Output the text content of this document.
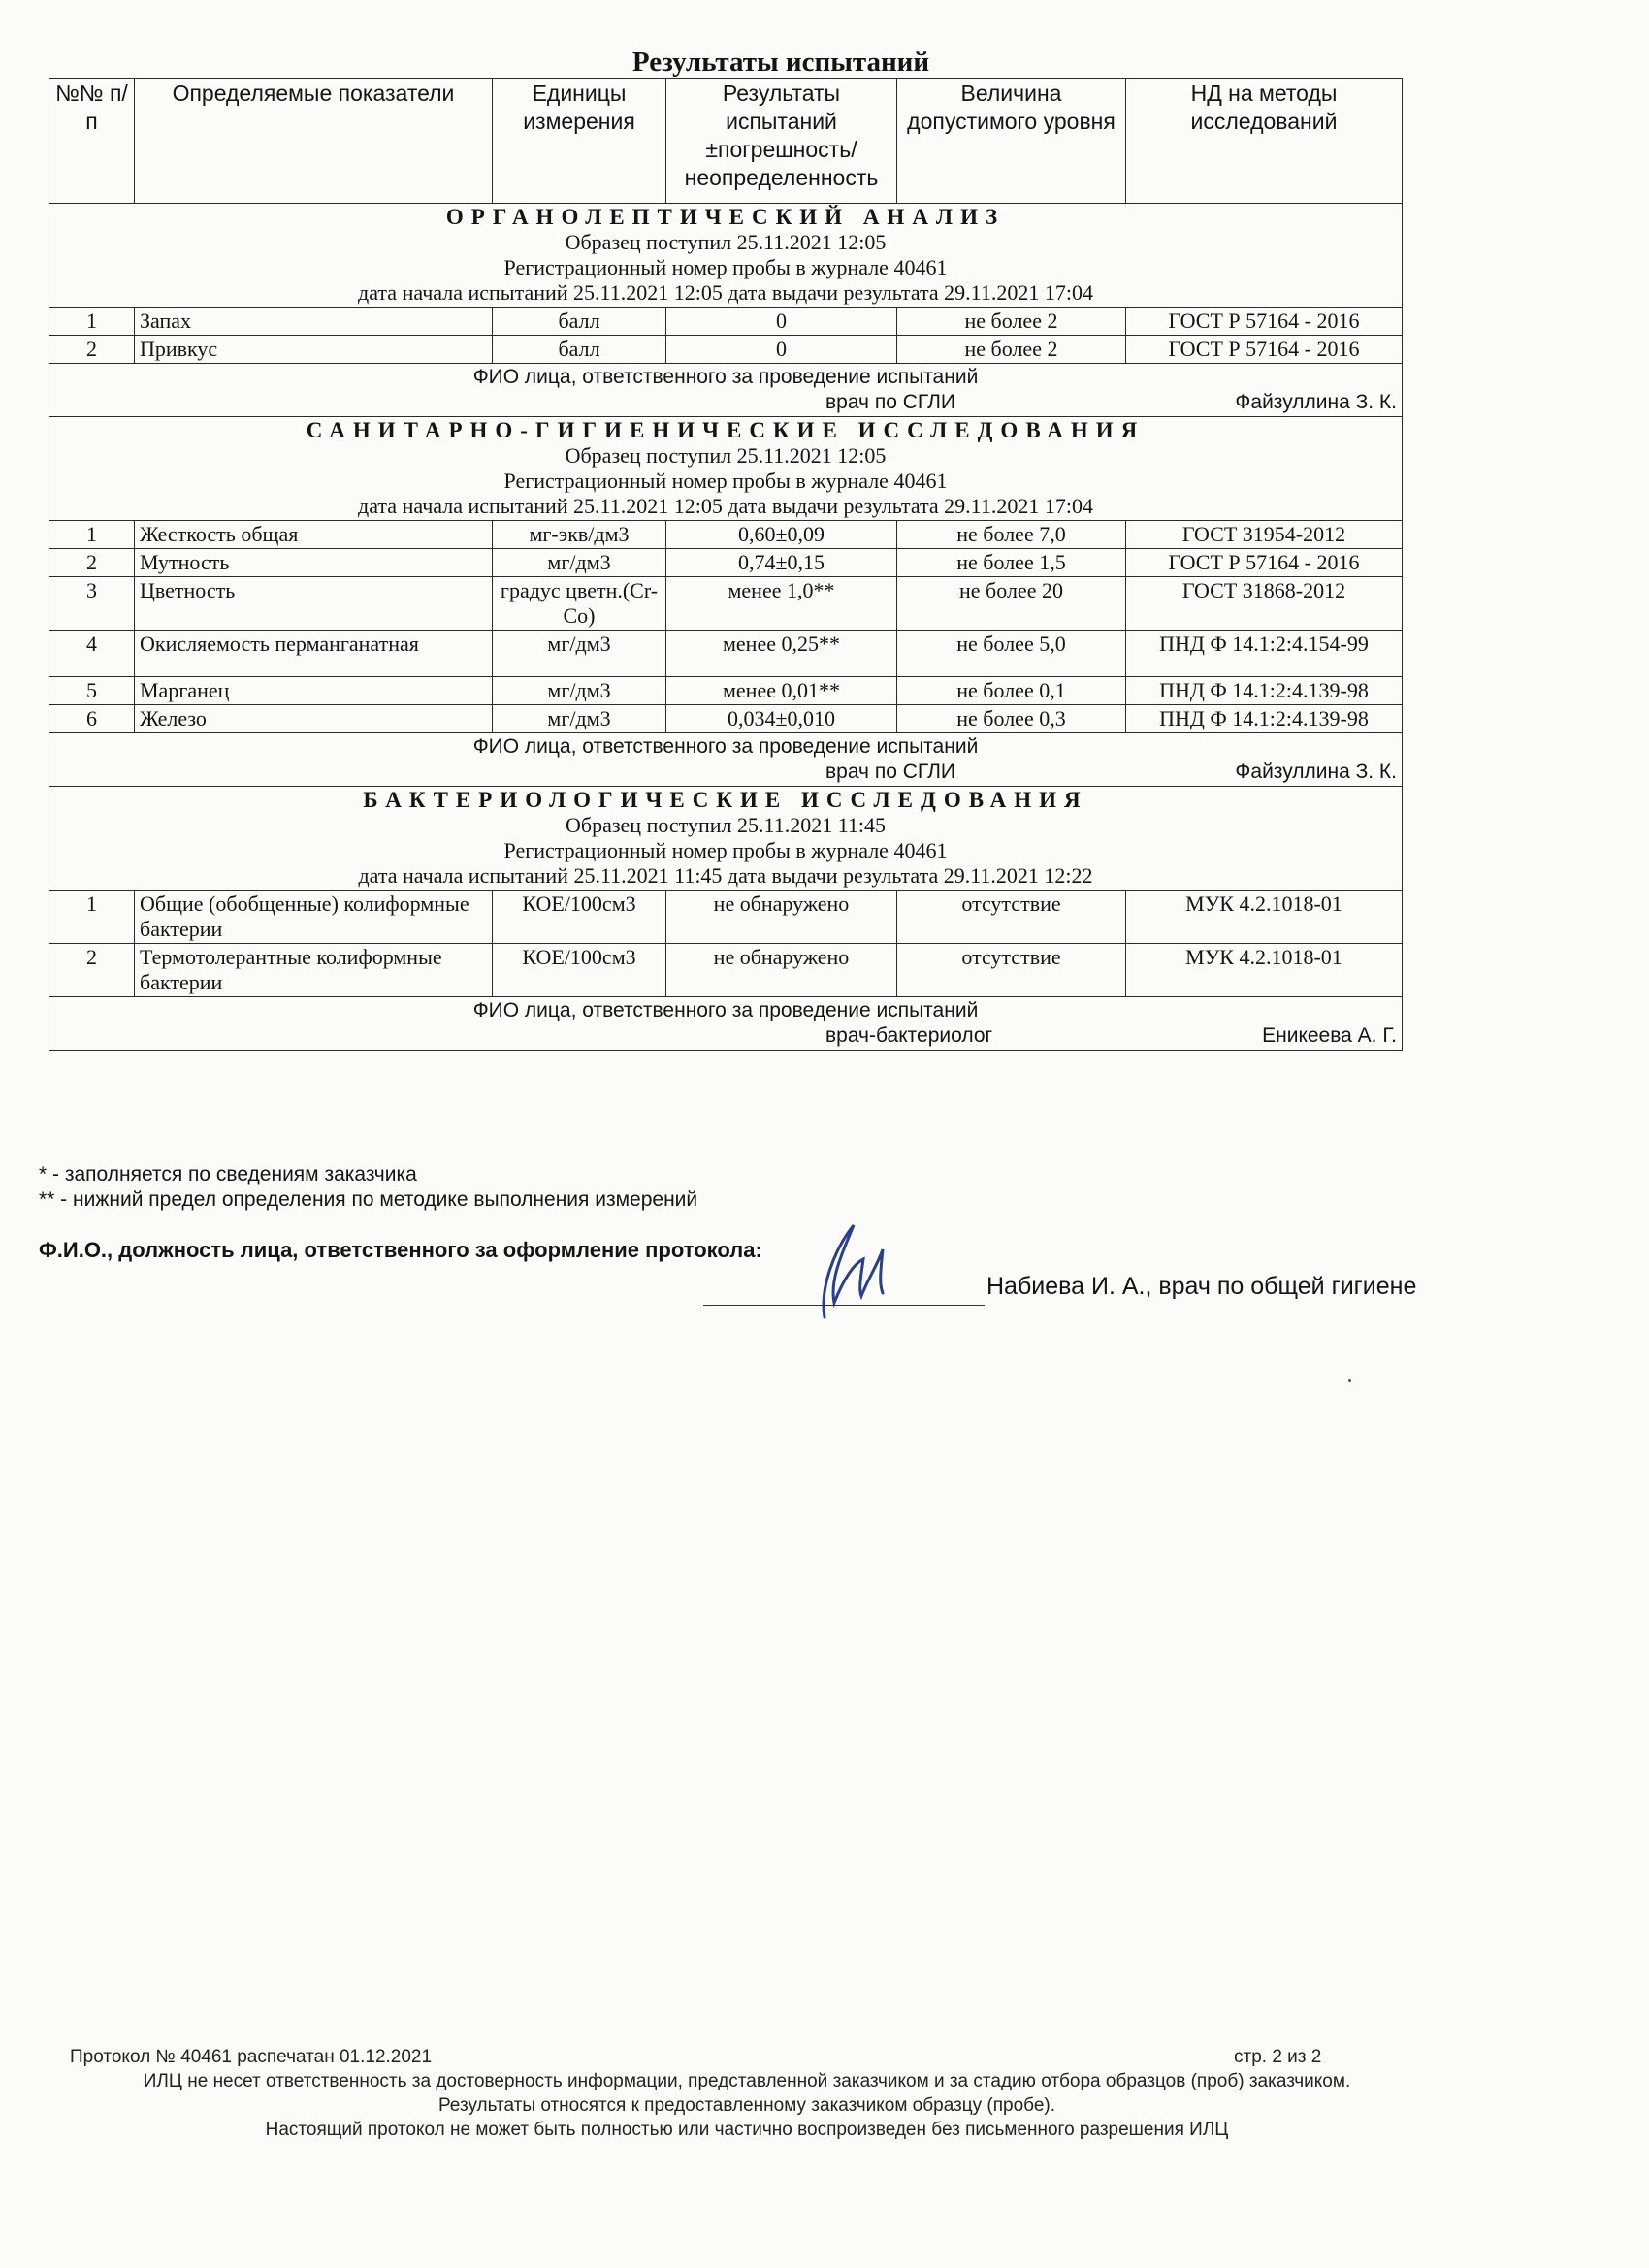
Результаты испытаний
№№ п/п	Определяемые показатели	Единицы измерения	Результаты испытаний ±погрешность/ неопределенность	Величина допустимого уровня	НД на методы исследований

ОРГАНОЛЕПТИЧЕСКИЙ АНАЛИЗ
Образец поступил 25.11.2021 12:05
Регистрационный номер пробы в журнале 40461
дата начала испытаний 25.11.2021 12:05 дата выдачи результата 29.11.2021 17:04					

1	Запах	балл	0	не более 2	ГОСТ Р 57164 - 2016
2	Привкус	балл	0	не более 2	ГОСТ Р 57164 - 2016

ФИО лица, ответственного за проведение испытаний
врач по СГЛИ Файзуллина З. К.					

САНИТАРНО-ГИГИЕНИЧЕСКИЕ ИССЛЕДОВАНИЯ
Образец поступил 25.11.2021 12:05
Регистрационный номер пробы в журнале 40461
дата начала испытаний 25.11.2021 12:05 дата выдачи результата 29.11.2021 17:04					

1	Жесткость общая	мг-экв/дм3	0,60±0,09	не более 7,0	ГОСТ 31954-2012
2	Мутность	мг/дм3	0,74±0,15	не более 1,5	ГОСТ Р 57164 - 2016
3	Цветность	градус цветн.(Cr-Co)	менее 1,0**	не более 20	ГОСТ 31868-2012
4	Окисляемость перманганатная	мг/дм3	менее 0,25**	не более 5,0	ПНД Ф 14.1:2:4.154-99
5	Марганец	мг/дм3	менее 0,01**	не более 0,1	ПНД Ф 14.1:2:4.139-98
6	Железо	мг/дм3	0,034±0,010	не более 0,3	ПНД Ф 14.1:2:4.139-98

ФИО лица, ответственного за проведение испытаний
врач по СГЛИ Файзуллина З. К.					

БАКТЕРИОЛОГИЧЕСКИЕ ИССЛЕДОВАНИЯ
Образец поступил 25.11.2021 11:45
Регистрационный номер пробы в журнале 40461
дата начала испытаний 25.11.2021 11:45 дата выдачи результата 29.11.2021 12:22					

1	Общие (обобщенные) колиформные бактерии	КОЕ/100см3	не обнаружено	отсутствие	МУК 4.2.1018-01
2	Термотолерантные колиформные бактерии	КОЕ/100см3	не обнаружено	отсутствие	МУК 4.2.1018-01

ФИО лица, ответственного за проведение испытаний
врач-бактериолог Еникеева А. Г.					
* - заполняется по сведениям заказчика
** - нижний предел определения по методике выполнения измерений
Ф.И.О., должность лица, ответственного за оформление протокола:
Набиева И. А., врач по общей гигиене
Протокол № 40461 распечатан 01.12.2021	стр. 2 из 2
ИЛЦ не несет ответственность за достоверность информации, представленной заказчиком и за стадию отбора образцов (проб) заказчиком.
Результаты относятся к предоставленному заказчиком образцу (пробе).
Настоящий протокол не может быть полностью или частично воспроизведен без письменного разрешения ИЛЦ
